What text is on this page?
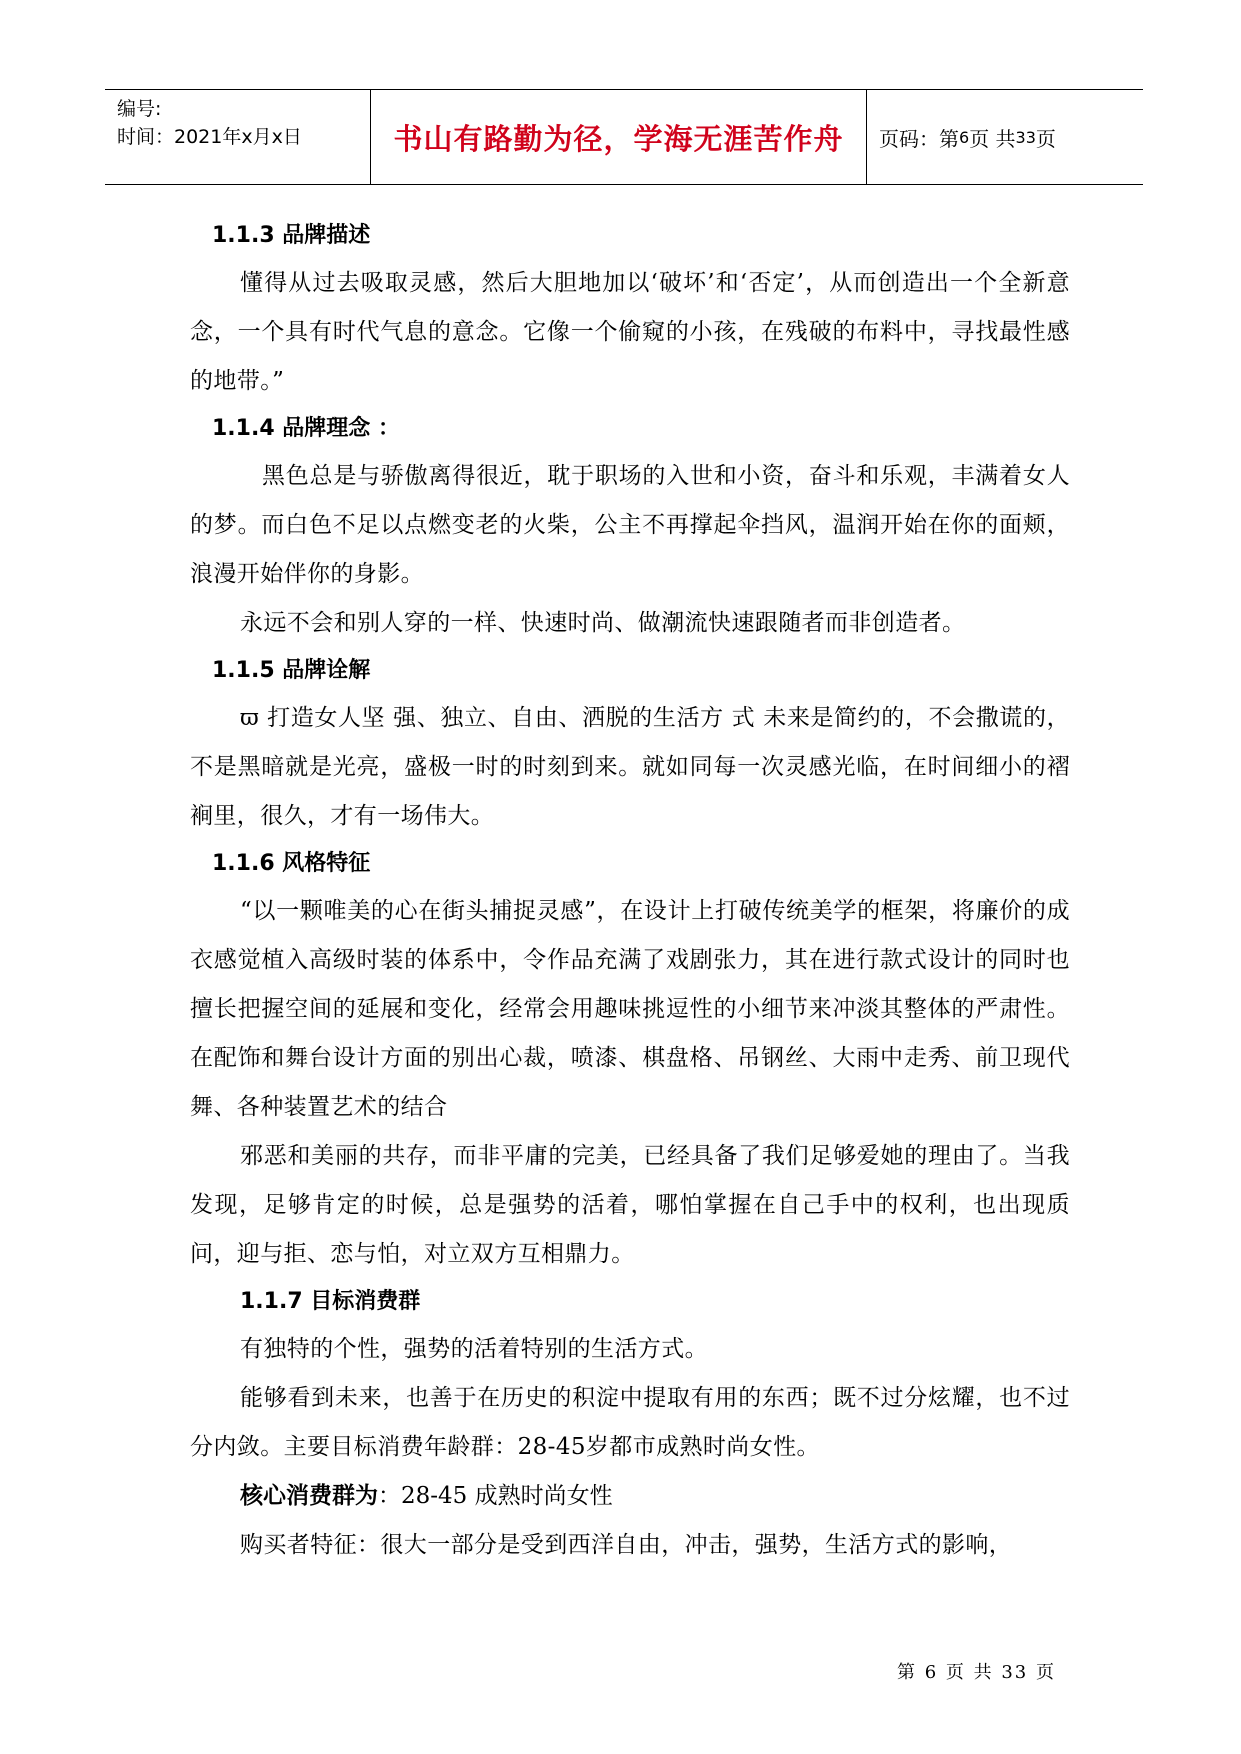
编号:
时间：2021年x月x日	书山有路勤为径，学海无涯苦作舟 页码：第 6 页 共 33 页
1.1.3 品牌描述

懂得从过去吸取灵感，然后大胆地加以‘破坏’和‘否定’，从而创造出一个全新意念，一个具有时代气息的意念。它像一个偷窥的小孩，在残破的布料中，寻找最性感的地带。”

1.1.4 品牌理念 ：

黑色总是与骄傲离得很近，耽于职场的入世和小资，奋斗和乐观，丰满着女人的梦。而白色不足以点燃变老的火柴，公主不再撑起伞挡风，温润开始在你的面颊，浪漫开始伴你的身影。

永远不会和别人穿的一样、快速时尚、做潮流快速跟随者而非创造者。

1.1.5 品牌诠解

ϖ 打造女人坚 强、独立、自由、洒脱的生活方 式 未来是简约的，不会撒谎的，不是黑暗就是光亮，盛极一时的时刻到来。就如同每一次灵感光临，在时间细小的褶裥里，很久，才有一场伟大。

1.1.6 风格特征

“以一颗唯美的心在街头捕捉灵感”，在设计上打破传统美学的框架，将廉价的成衣感觉植入高级时装的体系中，令作品充满了戏剧张力，其在进行款式设计的同时也擅长把握空间的延展和变化，经常会用趣味挑逗性的小细节来冲淡其整体的严肃性。在配饰和舞台设计方面的别出心裁，喷漆、棋盘格、吊钢丝、大雨中走秀、前卫现代舞、各种装置艺术的结合

邪恶和美丽的共存，而非平庸的完美，已经具备了我们足够爱她的理由了。当我发现，足够肯定的时候，总是强势的活着，哪怕掌握在自己手中的权利，也出现质问，迎与拒、恋与怕，对立双方互相鼎力。

1.1.7 目标消费群

有独特的个性，强势的活着特别的生活方式。

能够看到未来，也善于在历史的积淀中提取有用的东西；既不过分炫耀，也不过分内敛。主要目标消费年龄群：28-45岁都市成熟时尚女性。

核心消费群为：28-45 成熟时尚女性

购买者特征：很大一部分是受到西洋自由，冲击，强势，生活方式的影响，

第 6 页 共 33 页
